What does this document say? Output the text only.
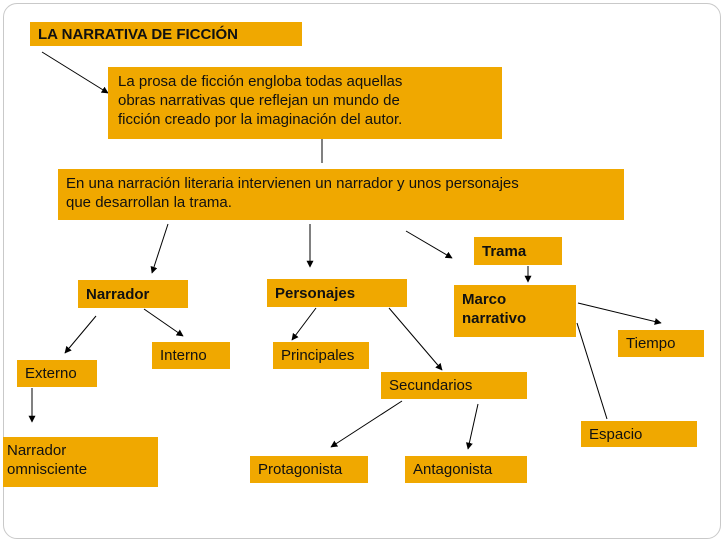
LA NARRATIVA DE FICCIÓN
La prosa de ficción engloba todas aquellas
obras narrativas que reflejan un mundo de
ficción creado por la imaginación del autor.
En una narración literaria intervienen un narrador y unos personajes
que desarrollan la trama.
Trama
Narrador	Personajes	Marco
narrativo
Tiempo
Interno
Externo
Principales
Secundarios
Narrador
omnisciente	Protagonista	Antagonista
Espacio
